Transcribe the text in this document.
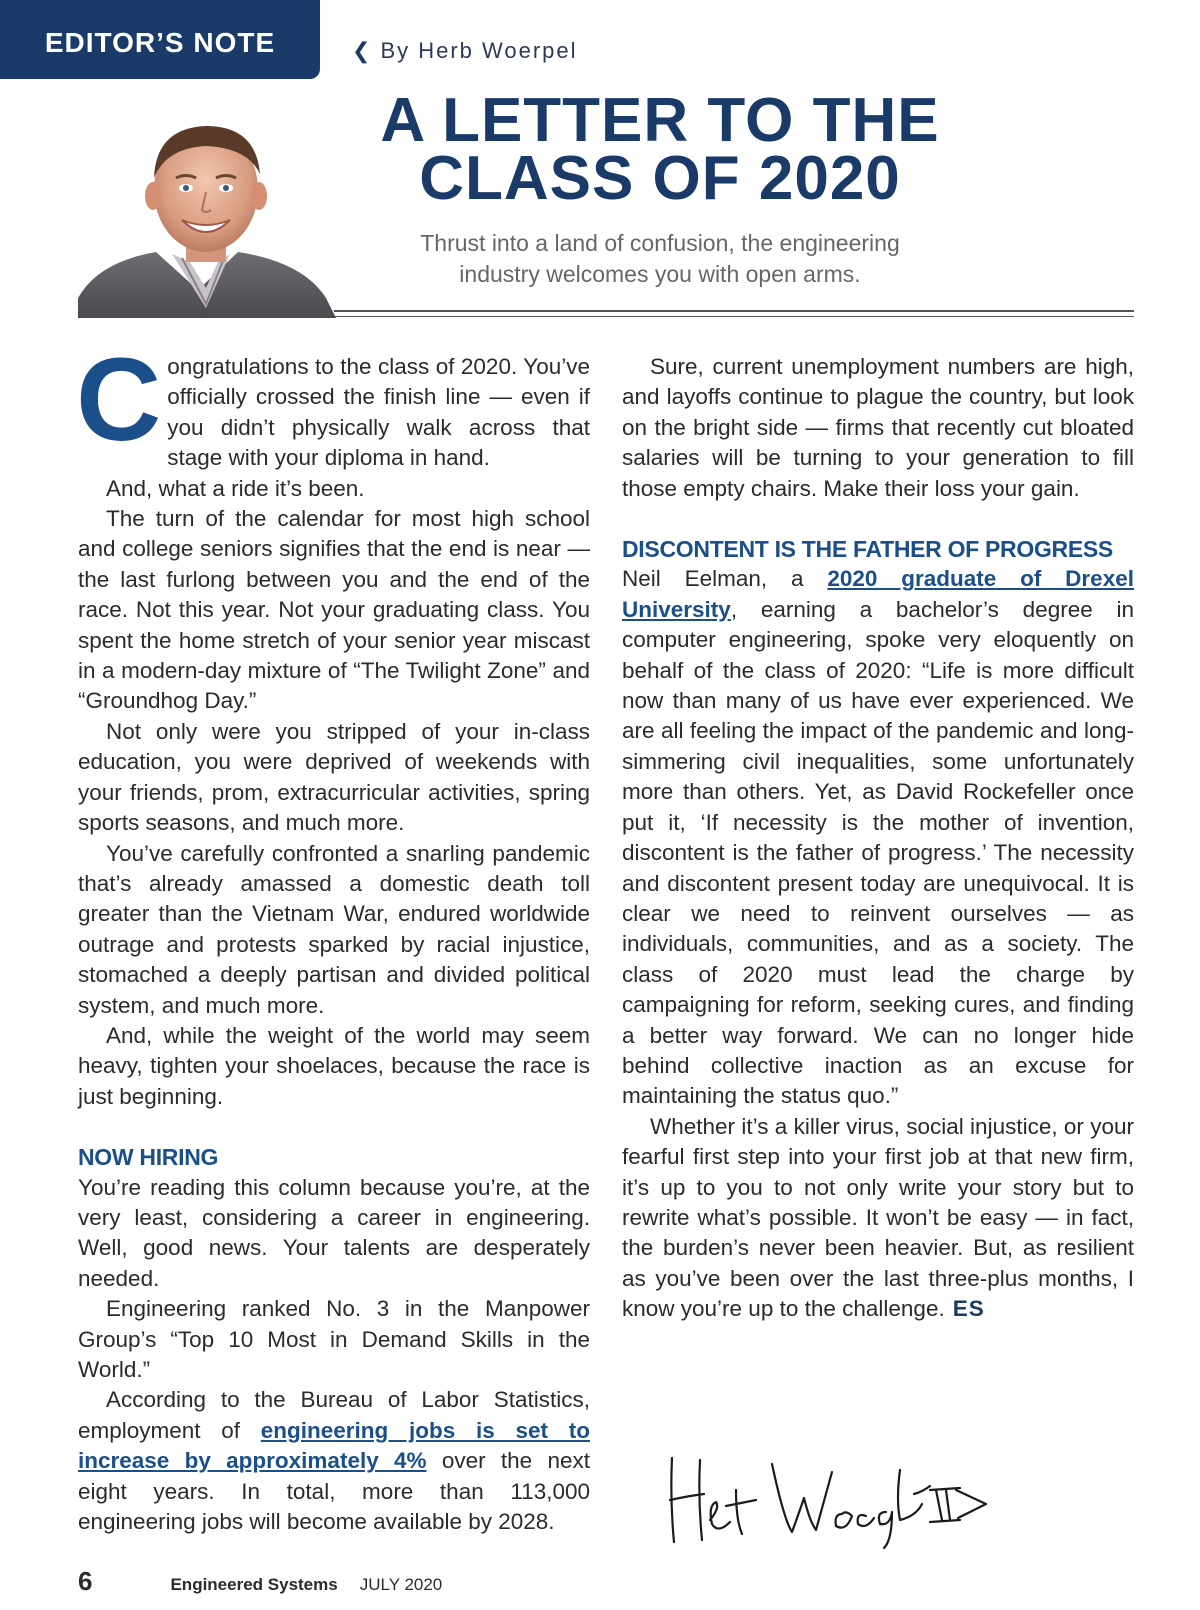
EDITOR’S NOTE	❮ By Herb Woerpel
A LETTER TO THE
CLASS OF 2020
Thrust into a land of confusion, the engineering
industry welcomes you with open arms.

Congratulations to the class of 2020. You’ve officially crossed the finish line — even if you didn’t physically walk across that stage with your diploma in hand.

And, what a ride it’s been.

The turn of the calendar for most high school and college seniors signifies that the end is near — the last furlong between you and the end of the race. Not this year. Not your graduating class. You spent the home stretch of your senior year miscast in a modern-day mixture of “The Twilight Zone” and “Groundhog Day.”

Not only were you stripped of your in-class education, you were deprived of weekends with your friends, prom, extracurricular activities, spring sports seasons, and much more.

You’ve carefully confronted a snarling pandemic that’s already amassed a domestic death toll greater than the Vietnam War, endured worldwide outrage and protests sparked by racial injustice, stomached a deeply partisan and divided political system, and much more.

And, while the weight of the world may seem heavy, tighten your shoelaces, because the race is just beginning.

NOW HIRING

You’re reading this column because you’re, at the very least, considering a career in engineering. Well, good news. Your talents are desperately needed.

Engineering ranked No. 3 in the Manpower Group’s “Top 10 Most in Demand Skills in the World.”

According to the Bureau of Labor Statistics, employment of engineering jobs is set to increase by approximately 4% over the next eight years. In total, more than 113,000 engineering jobs will become available by 2028.

Sure, current unemployment numbers are high, and layoffs continue to plague the country, but look on the bright side — firms that recently cut bloated salaries will be turning to your generation to fill those empty chairs. Make their loss your gain.

DISCONTENT IS THE FATHER OF PROGRESS

Neil Eelman, a 2020 graduate of Drexel University, earning a bachelor’s degree in computer engineering, spoke very eloquently on behalf of the class of 2020: “Life is more difficult now than many of us have ever experienced. We are all feeling the impact of the pandemic and long-simmering civil inequalities, some unfortunately more than others. Yet, as David Rockefeller once put it, ‘If necessity is the mother of invention, discontent is the father of progress.’ The necessity and discontent present today are unequivocal. It is clear we need to reinvent ourselves — as individuals, communities, and as a society. The class of 2020 must lead the charge by campaigning for reform, seeking cures, and finding a better way forward. We can no longer hide behind collective inaction as an excuse for maintaining the status quo.”

Whether it’s a killer virus, social injustice, or your fearful first step into your first job at that new firm, it’s up to you to not only write your story but to rewrite what’s possible. It won’t be easy — in fact, the burden’s never been heavier. But, as resilient as you’ve been over the last three-plus months, I know you’re up to the challenge. ES

6	Engineered Systems JULY 2020
